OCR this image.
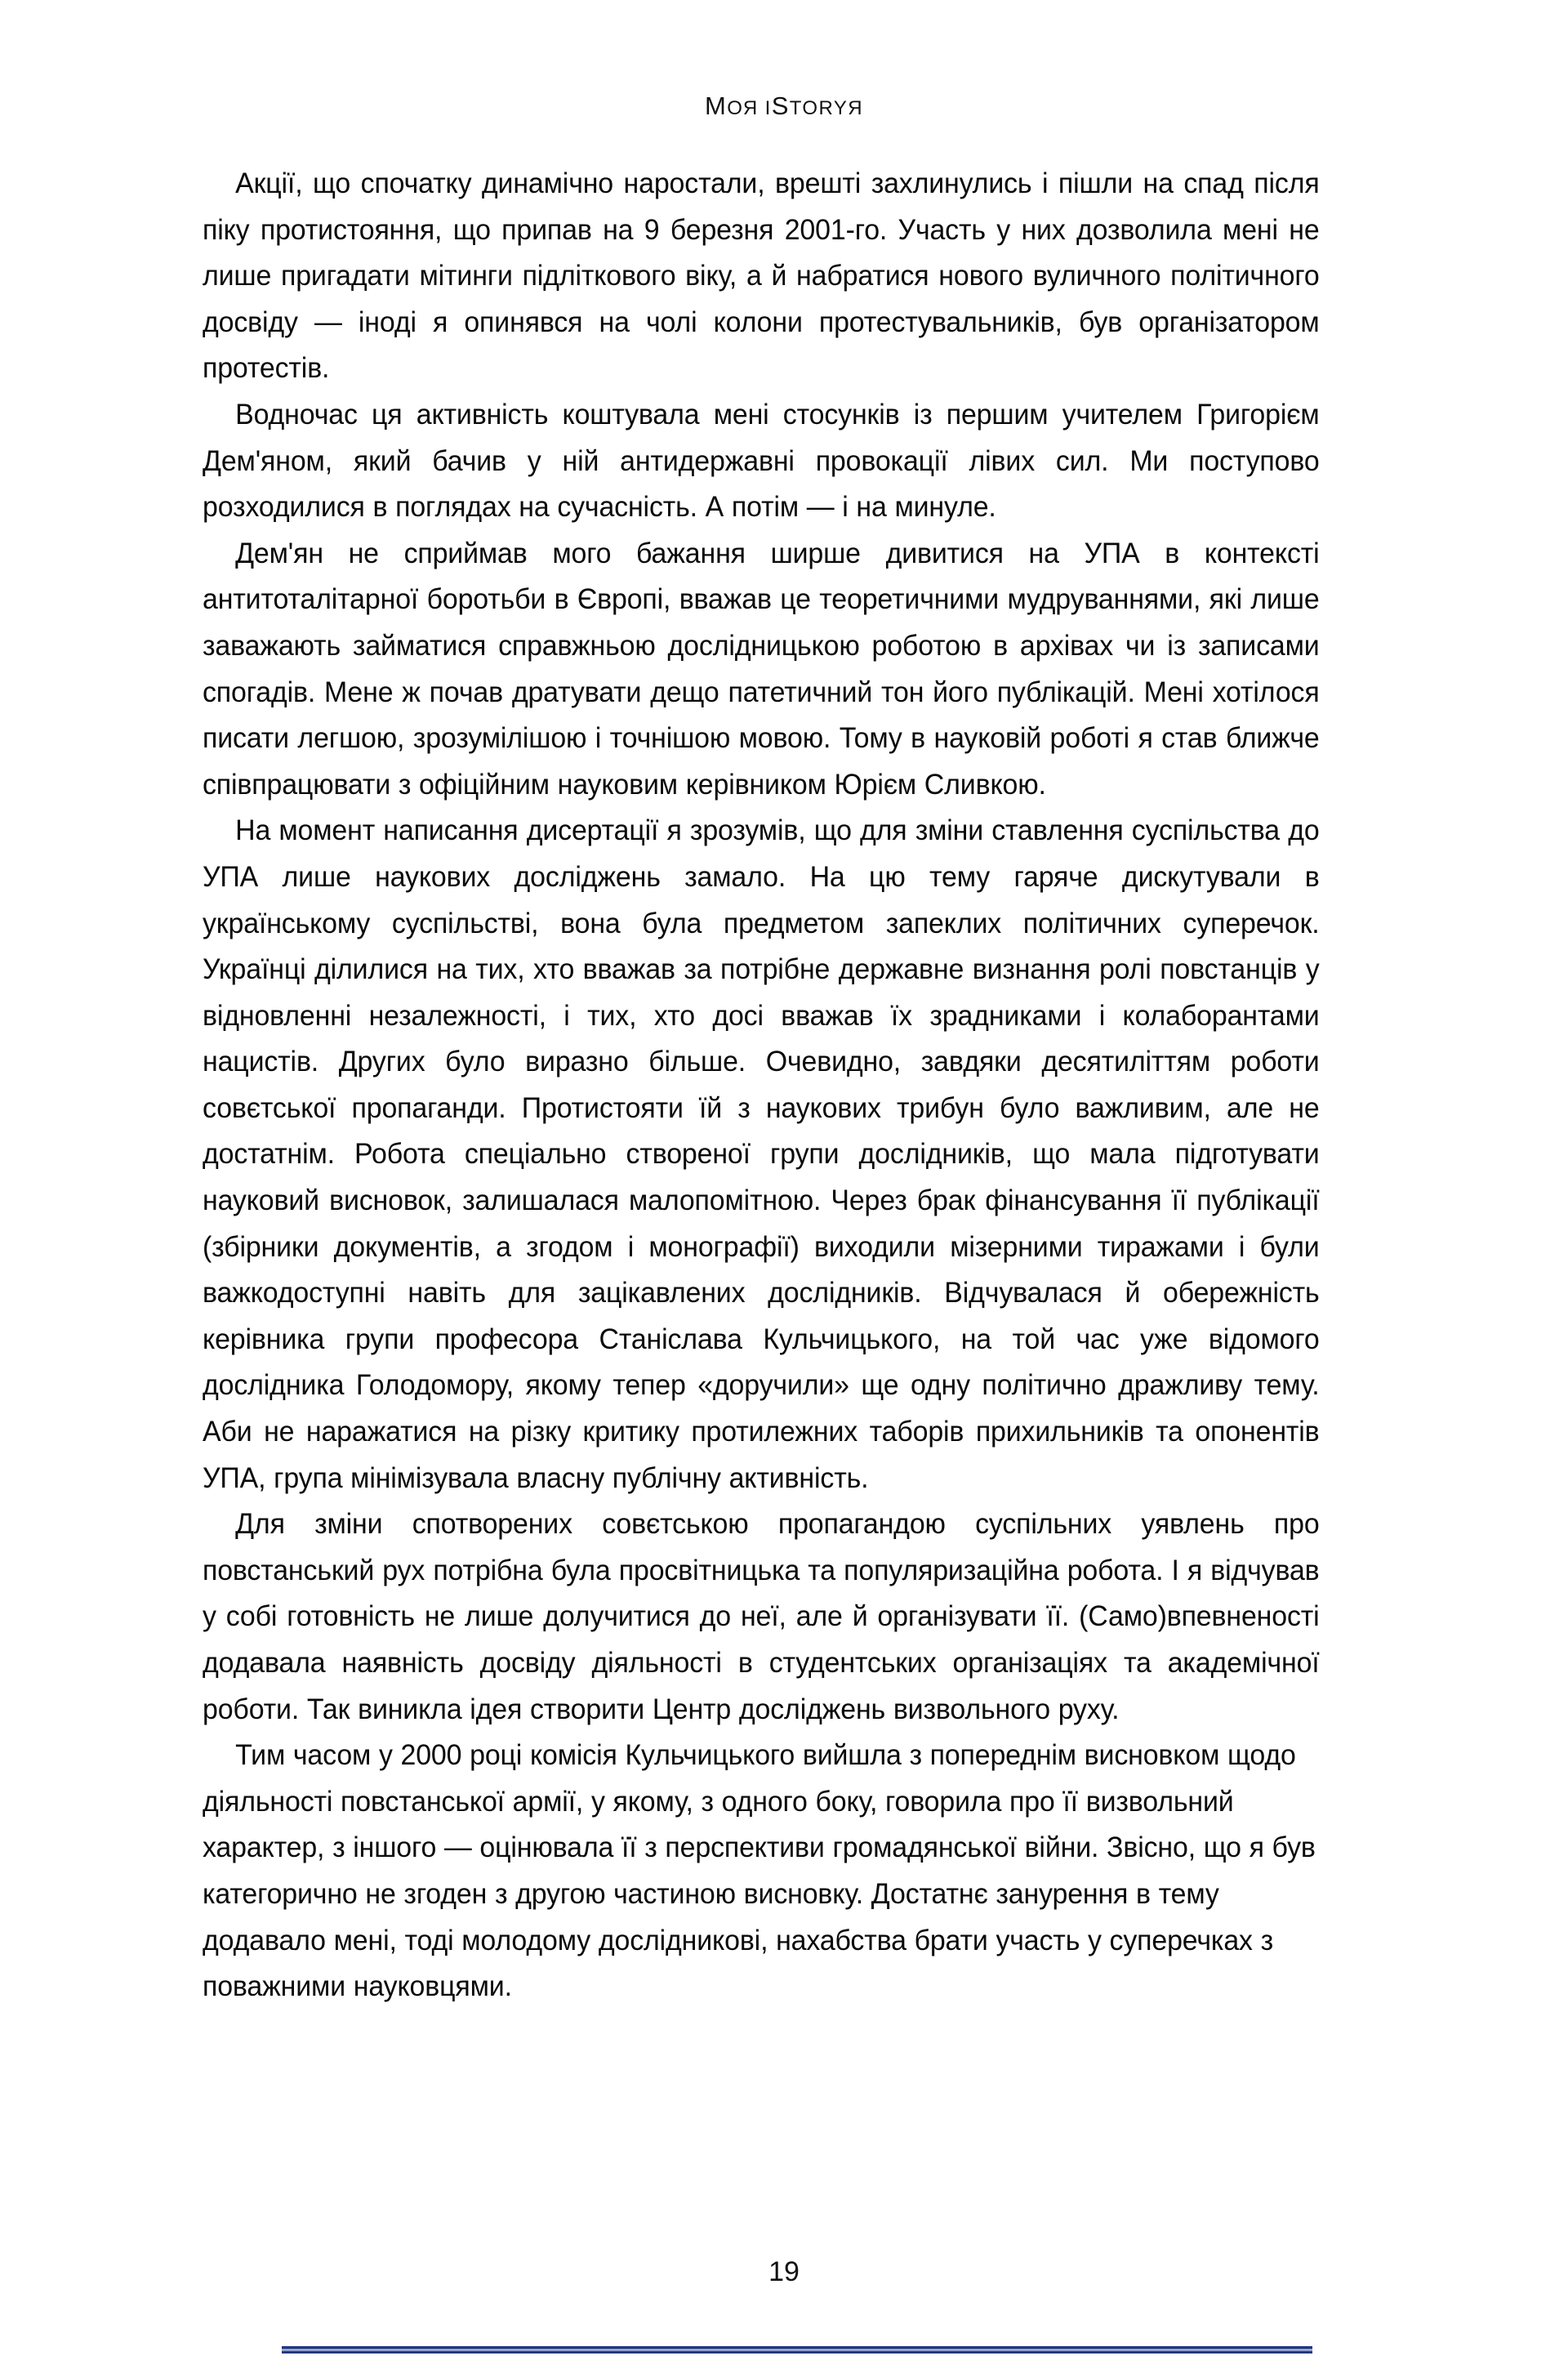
МОЯ ІSTORYЯ

Акції, що спочатку динамічно наростали, врешті захлинулись і пішли на спад після піку протистояння, що припав на 9 березня 2001-го. Участь у них дозволила мені не лише пригадати мітинги підліткового віку, а й набратися нового вуличного політичного досвіду — іноді я опинявся на чолі колони протестувальників, був організатором протестів.

Водночас ця активність коштувала мені стосунків із першим учителем Григорієм Дем'яном, який бачив у ній антидержавні провокації лівих сил. Ми поступово розходилися в поглядах на сучасність. А потім — і на минуле.

Дем'ян не сприймав мого бажання ширше дивитися на УПА в контексті антитоталітарної боротьби в Європі, вважав це теоретичними мудруваннями, які лише заважають займатися справжньою дослідницькою роботою в архівах чи із записами спогадів. Мене ж почав дратувати дещо патетичний тон його публікацій. Мені хотілося писати легшою, зрозумілішою і точнішою мовою. Тому в науковій роботі я став ближче співпрацювати з офіційним науковим керівником Юрієм Сливкою.

На момент написання дисертації я зрозумів, що для зміни ставлення суспільства до УПА лише наукових досліджень замало. На цю тему гаряче дискутували в українському суспільстві, вона була предметом запеклих політичних суперечок. Українці ділилися на тих, хто вважав за потрібне державне визнання ролі повстанців у відновленні незалежності, і тих, хто досі вважав їх зрадниками і колаборантами нацистів. Других було виразно більше. Очевидно, завдяки десятиліттям роботи совєтської пропаганди. Протистояти їй з наукових трибун було важливим, але не достатнім. Робота спеціально створеної групи дослідників, що мала підготувати науковий висновок, залишалася малопомітною. Через брак фінансування її публікації (збірники документів, а згодом і монографії) виходили мізерними тиражами і були важкодоступні навіть для зацікавлених дослідників. Відчувалася й обережність керівника групи професора Станіслава Кульчицького, на той час уже відомого дослідника Голодомору, якому тепер «доручили» ще одну політично дражливу тему. Аби не наражатися на різку критику протилежних таборів прихильників та опонентів УПА, група мінімізувала власну публічну активність.

Для зміни спотворених совєтською пропагандою суспільних уявлень про повстанський рух потрібна була просвітницька та популяризаційна робота. І я відчував у собі готовність не лише долучитися до неї, але й організувати її. (Само)впевненості додавала наявність досвіду діяльності в студентських організаціях та академічної роботи. Так виникла ідея створити Центр досліджень визвольного руху.

Тим часом у 2000 році комісія Кульчицького вийшла з попереднім висновком щодо діяльності повстанської армії, у якому, з одного боку, говорила про її визвольний характер, з іншого — оцінювала її з перспективи громадянської війни. Звісно, що я був категорично не згоден з другою частиною висновку. Достатнє занурення в тему додавало мені, тоді молодому дослідникові, нахабства брати участь у суперечках з поважними науковцями.

19
